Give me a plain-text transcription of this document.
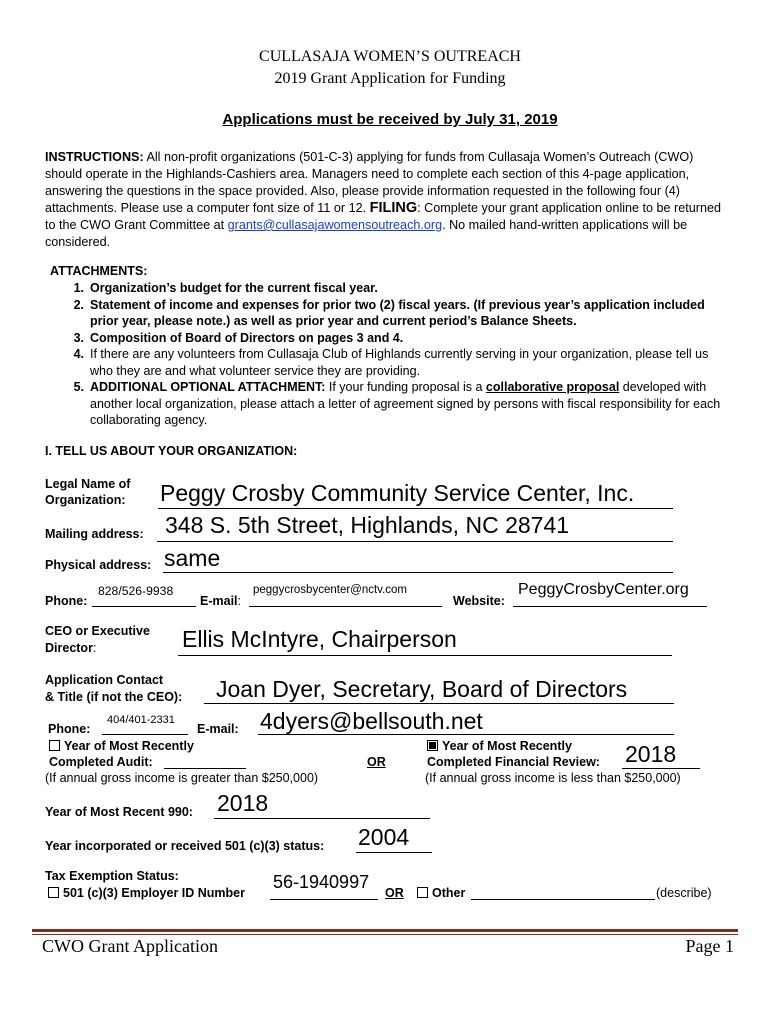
CULLASAJA WOMEN’S OUTREACH
2019 Grant Application for Funding
Applications must be received by July 31, 2019
INSTRUCTIONS: All non-profit organizations (501-C-3) applying for funds from Cullasaja Women’s Outreach (CWO) should operate in the Highlands-Cashiers area. Managers need to complete each section of this 4-page application, answering the questions in the space provided. Also, please provide information requested in the following four (4) attachments. Please use a computer font size of 11 or 12. FILING: Complete your grant application online to be returned to the CWO Grant Committee at grants@cullasajawomensoutreach.org. No mailed hand-written applications will be considered.
ATTACHMENTS:
1. Organization’s budget for the current fiscal year.
2. Statement of income and expenses for prior two (2) fiscal years. (If previous year’s application included prior year, please note.) as well as prior year and current period’s Balance Sheets.
3. Composition of Board of Directors on pages 3 and 4.
4. If there are any volunteers from Cullasaja Club of Highlands currently serving in your organization, please tell us who they are and what volunteer service they are providing.
5. ADDITIONAL OPTIONAL ATTACHMENT: If your funding proposal is a collaborative proposal developed with another local organization, please attach a letter of agreement signed by persons with fiscal responsibility for each collaborating agency.
I. TELL US ABOUT YOUR ORGANIZATION:
Legal Name of
Organization: Peggy Crosby Community Service Center, Inc.
Mailing address: 348 S. 5th Street, Highlands, NC 28741
Physical address: same
Phone:
828/526-9938
E-mail:
peggycrosbycenter@nctv.com
Website:
PeggyCrosbyCenter.org
CEO or Executive
Director:	Ellis McIntyre, Chairperson
Application Contact
& Title (if not the CEO): Joan Dyer, Secretary, Board of Directors
Phone:
404/401-2331
E-mail: 4dyers@bellsouth.net
Year of Most Recently
Completed Audit:
(If annual gross income is greater than $250,000)
OR
Year of Most Recently
Completed Financial Review: 2018
(If annual gross income is less than $250,000)
Year of Most Recent 990: 2018
Year incorporated or received 501 (c)(3) status: 2004
Tax Exemption Status:
501 (c)(3) Employer ID Number
56-1940997
OR	Other	(describe)
CWO Grant Application	Page 1
